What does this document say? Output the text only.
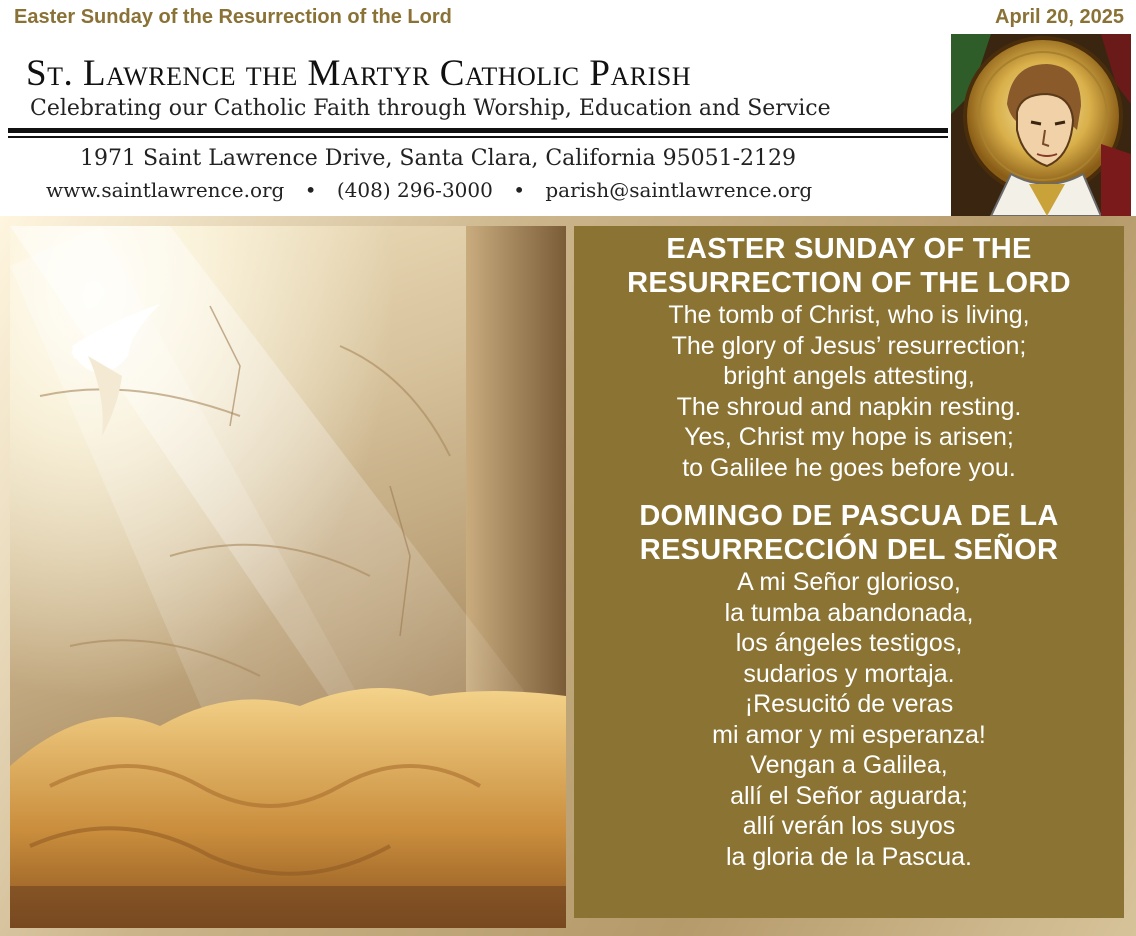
Easter Sunday of the Resurrection of the Lord	April 20, 2025
St. Lawrence the Martyr Catholic Parish
Celebrating our Catholic Faith through Worship, Education and Service
1971 Saint Lawrence Drive, Santa Clara, California 95051-2129
www.saintlawrence.org • (408) 296-3000 • parish@saintlawrence.org
EASTER SUNDAY OF THE
RESURRECTION OF THE LORD
The tomb of Christ, who is living,
The glory of Jesus’ resurrection;
bright angels attesting,
The shroud and napkin resting.
Yes, Christ my hope is arisen;
to Galilee he goes before you.
DOMINGO DE PASCUA DE LA
RESURRECCIÓN DEL SEÑOR
A mi Señor glorioso,
la tumba abandonada,
los ángeles testigos,
sudarios y mortaja.
¡Resucitó de veras
mi amor y mi esperanza!
Vengan a Galilea,
allí el Señor aguarda;
allí verán los suyos
la gloria de la Pascua.
